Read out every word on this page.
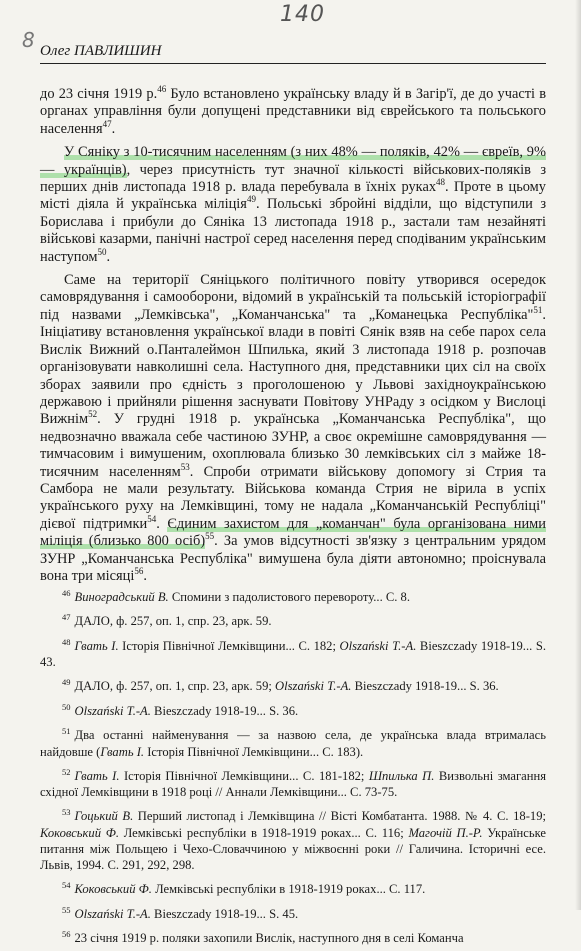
140
8 Олег ПАВЛИШИН

до 23 січня 1919 р.$^{46}$ Було встановлено українську владу й в Загір'ї, де до участі в органах управління були допущені представники від єврейського та польського населення$^{47}$.

У Сяніку з 10-тисячним населенням (з них 48% — поляків, 42% — євреїв, 9% — українців), через присутність тут значної кількості військових-поляків з перших днів листопада 1918 р. влада перебувала в їхніх руках$^{48}$. Проте в цьому місті діяла й українська міліція$^{49}$. Польські збройні відділи, що відступили з Борислава і прибули до Сяніка 13 листопада 1918 р., застали там незайняті військові казарми, панічні настрої серед населення перед сподіваним українським наступом$^{50}$.

Саме на території Сяніцького політичного повіту утворився осередок самоврядування і самооборони, відомий в українській та польській історіографії під назвами „Лемківська", „Команчанська" та „Команецька Республіка"$^{51}$. Ініціативу встановлення української влади в повіті Сянік взяв на себе парох села Вислік Вижний о.Панталеймон Шпилька, який 3 листопада 1918 р. розпочав організовувати навколишні села. Наступного дня, представники цих сіл на своїх зборах заявили про єдність з проголошеною у Львові західноукраїнською державою і прийняли рішення заснувати Повітову УНРаду з осідком у Вислоці Вижнім$^{52}$. У грудні 1918 р. українська „Команчанська Республіка", що недвозначно вважала себе частиною ЗУНР, а своє окремішне самоврядування — тимчасовим і вимушеним, охоплювала близько 30 лемківських сіл з майже 18-тисячним населенням$^{53}$. Спроби отримати військову допомогу зі Стрия та Самбора не мали результату. Військова команда Стрия не вірила в успіх українського руху на Лемківщині, тому не надала „Команчанській Республіці" дієвої підтримки$^{54}$. Єдиним захистом для „команчан" була організована ними міліція (близько 800 осіб)$^{55}$. За умов відсутності зв'язку з центральним урядом ЗУНР „Команчанська Республіка" вимушена була діяти автономно; проіснувала вона три місяці$^{56}$.

$^{46}$ Виноградський В. Спомини з падолистового перевороту... С. 8.
$^{47}$ ДАЛО, ф. 257, оп. 1, спр. 23, арк. 59.
$^{48}$ Гвать І. Історія Північної Лемківщини... С. 182; Olszański T.-A. Bieszczady 1918-19... S. 43.
$^{49}$ ДАЛО, ф. 257, оп. 1, спр. 23, арк. 59; Olszański T.-A. Bieszczady 1918-19... S. 36.
$^{50}$ Olszański T.-A. Bieszczady 1918-19... S. 36.
$^{51}$ Два останні найменування — за назвою села, де українська влада втрималась найдовше (Гвать І. Історія Північної Лемківщини... С. 183).
$^{52}$ Гвать І. Історія Північної Лемківщини... С. 181-182; Шпилька П. Визвольні змагання східної Лемківщини в 1918 році // Аннали Лемківщини... С. 73-75.
$^{53}$ Гоцький В. Перший листопад і Лемківщина // Вісті Комбатанта. 1988. № 4. С. 18-19; Коковський Ф. Лемківські республіки в 1918-1919 роках... С. 116; Магочій П.-Р. Українське питання між Польщею і Чехо-Словаччиною у міжвоєнні роки // Галичина. Історичні есе. Львів, 1994. С. 291, 292, 298.
$^{54}$ Коковський Ф. Лемківські республіки в 1918-1919 роках... С. 117.
$^{55}$ Olszański T.-A. Bieszczady 1918-19... S. 45.
$^{56}$ 23 січня 1919 р. поляки захопили Вислік, наступного дня в селі Команча
